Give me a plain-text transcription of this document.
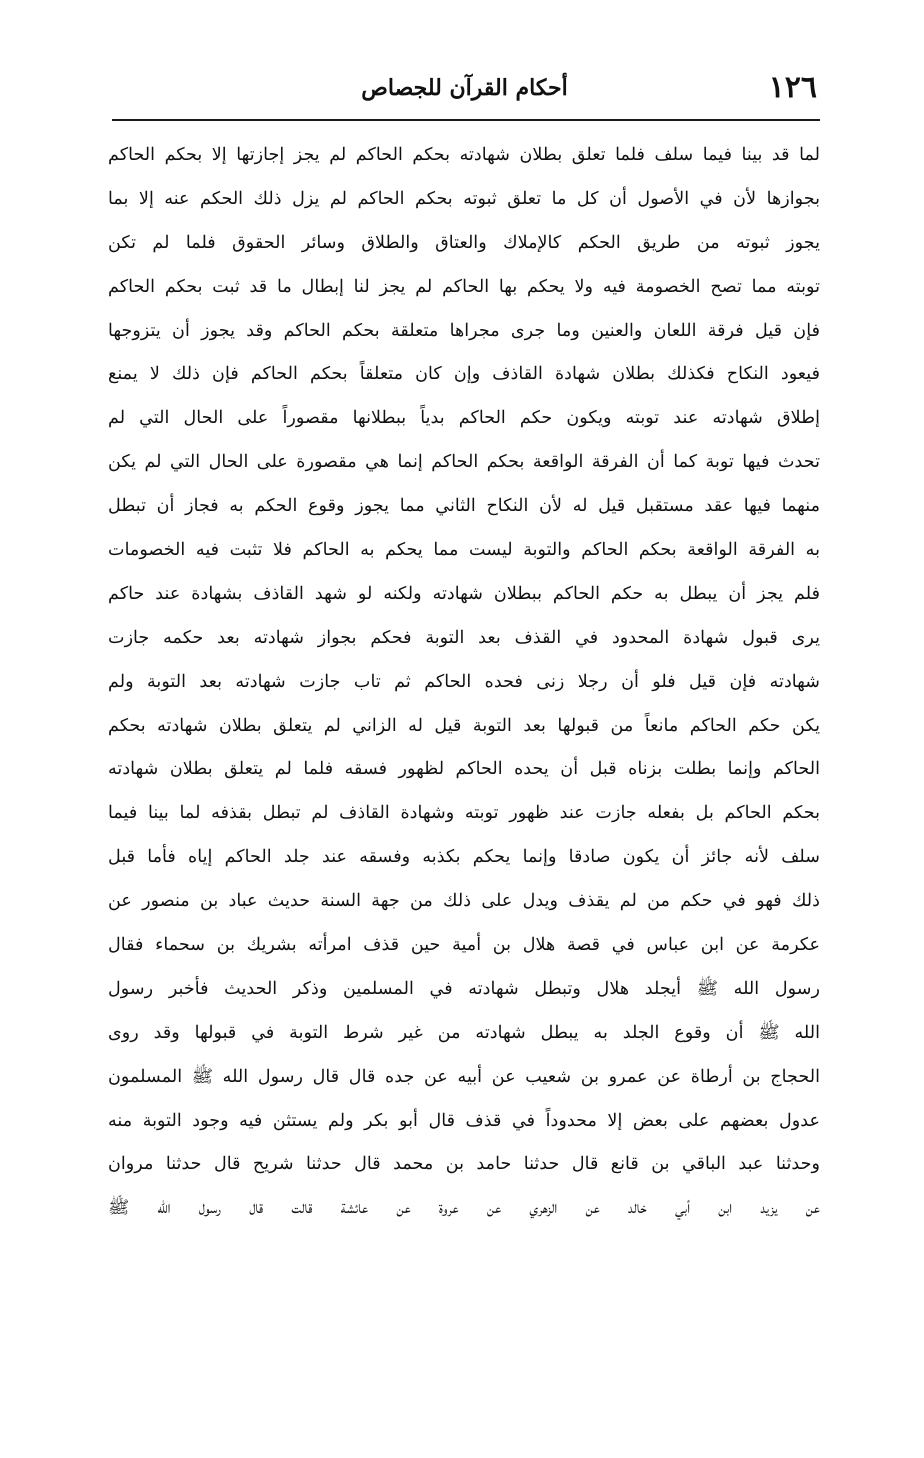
١٢٦
أحكام القرآن للجصاص
لما قد بينا فيما سلف فلما تعلق بطلان شهادته بحكم الحاكم لم يجز إجازتها إلا بحكم الحاكم
بجوازها لأن في الأصول أن كل ما تعلق ثبوته بحكم الحاكم لم يزل ذلك الحكم عنه إلا بما
يجوز ثبوته من طريق الحكم كالإملاك والعتاق والطلاق وسائر الحقوق فلما لم تكن
توبته مما تصح الخصومة فيه ولا يحكم بها الحاكم لم يجز لنا إبطال ما قد ثبت بحكم الحاكم
فإن قيل فرقة اللعان والعنين وما جرى مجراها متعلقة بحكم الحاكم وقد يجوز أن يتزوجها
فيعود النكاح فكذلك بطلان شهادة القاذف وإن كان متعلقاً بحكم الحاكم فإن ذلك لا يمنع
إطلاق شهادته عند توبته ويكون حكم الحاكم بدياً ببطلانها مقصوراً على الحال التي لم
تحدث فيها توبة كما أن الفرقة الواقعة بحكم الحاكم إنما هي مقصورة على الحال التي لم يكن
منهما فيها عقد مستقبل قيل له لأن النكاح الثاني مما يجوز وقوع الحكم به فجاز أن تبطل
به الفرقة الواقعة بحكم الحاكم والتوبة ليست مما يحكم به الحاكم فلا تثبت فيه الخصومات
فلم يجز أن يبطل به حكم الحاكم ببطلان شهادته ولكنه لو شهد القاذف بشهادة عند حاكم
يرى قبول شهادة المحدود في القذف بعد التوبة فحكم بجواز شهادته بعد حكمه جازت
شهادته فإن قيل فلو أن رجلا زنى فحده الحاكم ثم تاب جازت شهادته بعد التوبة ولم
يكن حكم الحاكم مانعاً من قبولها بعد التوبة قيل له الزاني لم يتعلق بطلان شهادته بحكم
الحاكم وإنما بطلت بزناه قبل أن يحده الحاكم لظهور فسقه فلما لم يتعلق بطلان شهادته
بحكم الحاكم بل بفعله جازت عند ظهور توبته وشهادة القاذف لم تبطل بقذفه لما بينا فيما
سلف لأنه جائز أن يكون صادقا وإنما يحكم بكذبه وفسقه عند جلد الحاكم إياه فأما قبل
ذلك فهو في حكم من لم يقذف ويدل على ذلك من جهة السنة حديث عباد بن منصور عن
عكرمة عن ابن عباس في قصة هلال بن أمية حين قذف امرأته بشريك بن سحماء فقال
رسول الله ﷺ أيجلد هلال وتبطل شهادته في المسلمين وذكر الحديث فأخبر رسول
الله ﷺ أن وقوع الجلد به يبطل شهادته من غير شرط التوبة في قبولها وقد روى
الحجاج بن أرطاة عن عمرو بن شعيب عن أبيه عن جده قال قال رسول الله ﷺ المسلمون
عدول بعضهم على بعض إلا محدوداً في قذف قال أبو بكر ولم يستثن فيه وجود التوبة منه
وحدثنا عبد الباقي بن قانع قال حدثنا حامد بن محمد قال حدثنا شريح قال حدثنا مروان
عن يزيد ابن أبي خالد عن الزهري عن عروة عن عائشة قالت قال رسول الله ﷺ
